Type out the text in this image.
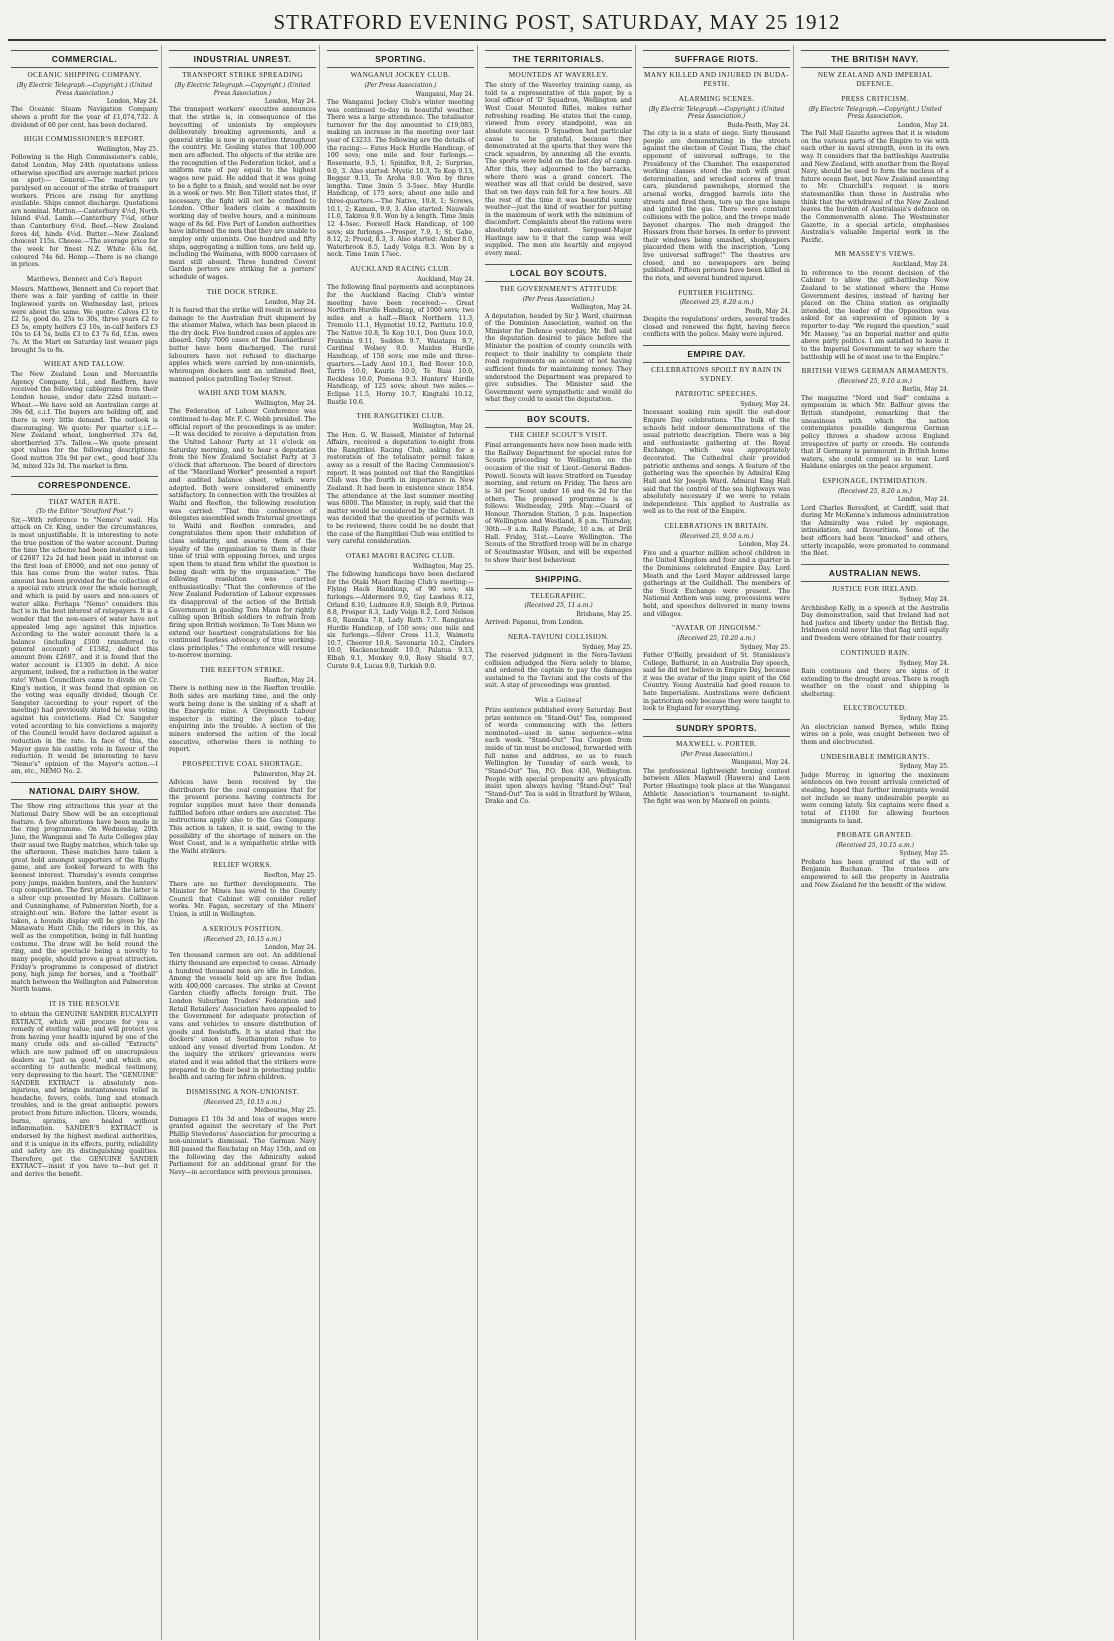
STRATFORD EVENING POST, SATURDAY, MAY 25 1912
COMMERCIAL.
OCEANIC SHIPPING COMPANY.
(By Electric Telegraph.—Copyright.) (United Press Association.)
London, May 24.

The Oceanic Steam Navigation Company shows a profit for the year of £1,074,732. A dividend of 60 per cent. has been declared.

HIGH COMMISSIONER'S REPORT.
Wellington, May 25.

Following is the High Commissioner's cable, dated London, May 24th (quotations unless otherwise specified are average market prices on spot):— General.—The markets are paralysed on account of the strike of transport workers. Prices are rising for anything available. Ships cannot discharge. Quotations are nominal. Mutton.—Canterbury 4½d, North Island 4¼d. Lamb.—Canterbury 7¼d, other than Canterbury 6½d. Beef.—New Zealand fores 4d, hinds 4½d. Butter.—New Zealand choicest 115s. Cheese.—The average price for the week for finest N.Z. White 63s 6d, coloured 74s 6d. Hemp.—There is no change in prices.

Matthews, Bennett and Co's Report

Messrs. Matthews, Bennett and Co report that there was a fair yarding of cattle in their Inglewood yards on Wednesday last, prices were about the same. We quote: Calves £1 to £2 5s, good do. 25s to 30s, three years £2 to £3 5s, empty heifers £3 10s, in-calf heifers £3 10s to £4 5s, bulls £3 to £3 7s 6d, f.f.m. ewes 7s. At the Mart on Saturday last weaner pigs brought 5s to 8s.

WHEAT AND TALLOW.

The New Zealand Loan and Mercantile Agency Company, Ltd., and Redfern, have received the following cablegrams from their London house, under date 22nd instant:— Wheat.—We have sold an Australian cargo at 39s 6d, c.i.f. The buyers are holding off, and there is very little demand. The outlook is discouraging. We quote: Per quarter c.i.f.—New Zealand wheat, longberried 37s 6d, shortberried 37s. Tallow.—We quote present spot values for the following descriptions: Good mutton 35s 9d per cwt., good beef 33s 3d, mixed 32s 3d. The market is firm.

CORRESPONDENCE.
THAT WATER RATE.
(To the Editor "Stratford Post.")

Sir,—With reference to "Nemo's" wail. His attack on Cr. King, under the circumstances, is most unjustifiable. It is interesting to note the true position of the water account. During the time the scheme had been installed a sum of £2687 12s 2d had been paid in interest on the first loan of £8000, and not one penny of this has come from the water rates. This amount has been provided for the collection of a special rate struck over the whole borough, and which is paid by users and non-users of water alike. Perhaps "Nemo" considers this fact is in the best interest of ratepayers. It is a wonder that the non-users of water have not appealed long ago against this injustice. According to the water account there is a balance (including £500 transferred to general account) of £1382, deduct this amount from £2687, and it is found that the water account is £1305 in debit. A nice argument, indeed, for a reduction in the water rate! When Councillors came to divide on Cr. King's motion, it was found that opinion on the voting was equally divided, though Cr. Sangster (according to your report of the meeting) had previously stated he was voting against his convictions. Had Cr. Sangster voted according to his convictions a majority of the Council would have declared against a reduction in the rate. In face of this, the Mayor gave his casting vote in favour of the reduction. It would be interesting to have "Nemo's" opinion of the Mayor's action.—I am, etc., NEMO No. 2.

NATIONAL DAIRY SHOW.

The Show ring attractions this year at the National Dairy Show will be an exceptional feature. A few alterations have been made in the ring programme. On Wednesday, 20th June, the Wanganui and Te Aute Colleges play their usual two Rugby matches, which take up the afternoon. These matches have taken a great hold amongst supporters of the Rugby game, and are looked forward to with the keenest interest. Thursday's events comprise pony jumps, maiden hunters, and the hunters' cup competition. The first prize in the latter is a silver cup presented by Messrs. Collinson and Cunninghame, of Palmerston North, for a straight-out win. Before the latter event is taken, a hounds display will be given by the Manawatu Hunt Club, the riders in this, as well as the competition, being in full hunting costume. The draw will be held round the ring, and the spectacle being a novelty to many people, should prove a great attraction. Friday's programme is composed of district pony, high jump for horses, and a "football" match between the Wellington and Palmerston North teams.

IT IS THE RESOLVE

to obtain the GENUINE SANDER EUCALYPTI EXTRACT, which will procure for you a remedy of sterling value, and will protect you from having your health injured by one of the many crude oils and so-called "Extracts" which are now palmed off on unscrupulous dealers as "just as good," and which are, according to authentic medical testimony, very depressing to the heart. The "GENUINE" SANDER EXTRACT is absolutely non-injurious, and brings instantaneous relief in headache, fevers, colds, lung and stomach troubles, and is the great antiseptic powers protect from future infection. Ulcers, wounds, burns, sprains, are healed without inflammation. SANDER'S EXTRACT is endorsed by the highest medical authorities, and it is unique in its effects, purity, reliability and safety are its distinguishing qualities. Therefore, get the GENUINE SANDER EXTRACT—insist if you have to—but get it and derive the benefit.

INDUSTRIAL UNREST.
TRANSPORT STRIKE SPREADING
(By Electric Telegraph.—Copyright.) (United Press Association.)
London, May 24.

The transport workers' executive announces that the strike is, in consequence of the boycotting of unionists by employers deliberately breaking agreements, and a general strike is now in operation throughout the country. Mr. Gosling states that 100,000 men are affected. The objects of the strike are the recognition of the Federation ticket, and a uniform rate of pay equal to the highest wages now paid. He added that it was going to be a fight to a finish, and would not be over in a week or two. Mr. Ben Tillett states that, if necessary, the fight will not be confined to London. Other leaders claim a maximum working day of twelve hours, and a minimum wage of 8s 6d. Five Port of London authorities have informed the men that they are unable to employ only unionists. One hundred and fifty ships, aggregating a million tons, are held up, including the Waimana, with 8000 carcases of meat still aboard. Three hundred Covent Garden porters are striking for a porters' schedule of wages.

THE DOCK STRIKE.
London, May 24.

It is feared that the strike will result in serious damage to the Australian fruit shipment by the steamer Malwa, which has been placed in the dry dock. Five hundred cases of apples are aboard. Only 7000 cases of the Daenaetheus' butter have been discharged. The rural labourers have not refused to discharge apples which were carried by non-unionists, whereupon dockers sent an unlimited fleet, manned police patrolling Tooley Street.

WAIHI AND TOM MANN.
Wellington, May 24.

The Federation of Labour Conference was continued to-day. Mr. F. C. Webb presided. The official report of the proceedings is as under:—It was decided to receive a deputation from the United Labour Party at 11 o'clock on Saturday morning, and to hear a deputation from the New Zealand Socialist Party at 3 o'clock that afternoon. The board of directors of the "Maoriland Worker" presented a report and audited balance sheet, which were adopted. Both were considered eminently satisfactory. In connection with the troubles at Waihi and Reefton, the following resolution was carried: "That this conference of delegates assembled sends fraternal greetings to Waihi and Reefton comrades, and congratulates them upon their exhibition of class solidarity, and assures them of the loyalty of the organisation to them in their time of trial with opposing forces, and urges upon them to stand firm whilst the question is being dealt with by the organisation." The following resolution was carried enthusiastically: "That the conference of the New Zealand Federation of Labour expresses its disapproval of the action of the British Government in gaoling Tom Mann for rightly calling upon British soldiers to refrain from firing upon British workmen. To Tom Mann we extend our heartiest congratulations for his continued fearless advocacy of true working-class principles." The conference will resume to-morrow morning.

THE REEFTON STRIKE.
Reefton, May 24.

There is nothing new in the Reefton trouble. Both sides are marking time, and the only work being done is the sinking of a shaft at the Energetic mine. A Greymouth Labour inspector is visiting the place to-day, enquiring into the trouble. A section of the miners endorsed the action of the local executive, otherwise there is nothing to report.

PROSPECTIVE COAL SHORTAGE.
Palmerston, May 24.

Advices have been received by the distributors for the coal companies that for the present persons having contracts for regular supplies must have their demands fulfilled before other orders are executed. The instructions apply also to the Gas Company. This action is taken, it is said, owing to the possibility of the shortage of miners on the West Coast, and is a sympathetic strike with the Waihi strikers.

RELIEF WORKS.
Reefton, May 25.

There are no further developments. The Minister for Mines has wired to the County Council that Cabinet will consider relief works. Mr. Fagan, secretary of the Miners' Union, is still in Wellington.

A SERIOUS POSITION.
(Received 25, 10.15 a.m.)
London, May 24.

Ten thousand carmen are out. An additional thirty thousand are expected to cease. Already a hundred thousand men are idle in London. Among the vessels held up are five Indian with 400,000 carcases. The strike at Covent Garden chiefly affects foreign fruit. The London Suburban Traders' Federation and Retail Retailers' Association have appealed to the Government for adequate protection of vans and vehicles to ensure distribution of goods and foodstuffs. It is stated that the dockers' union at Southampton refuse to unload any vessel diverted from London. At the inquiry the strikers' grievances were stated and it was added that the strikers were prepared to do their best in protecting public health and caring for infirm children.

DISMISSING A NON-UNIONIST.
(Received 25, 10.15 a.m.)
Melbourne, May 25.

Damages £1 10s 3d and loss of wages were granted against the secretary of the Port Phillip Stevedores' Association for procuring a non-unionist's dismissal. The German Navy Bill passed the Reichstag on May 15th, and on the following day the Admiralty asked Parliament for an additional grant for the Navy—in accordance with previous promises.

SPORTING.
WANGANUI JOCKEY CLUB.
(Per Press Association.)
Wanganui, May 24.

The Wanganui Jockey Club's winter meeting was continued to-day in beautiful weather. There was a large attendance. The totalisator turnover for the day amounted to £19,083, making an increase in the meeting over last year of £3233. The following are the details of the racing:— Fates Hack Hurdle Handicap, of 100 sovs; one mile and four furlongs.—Rosemarie, 9.5, 1; Spinifex, 9.8, 2; Surprise, 9.0, 3. Also started: Mystic 10.3, Te Kop 9.13, Beggar 9.13, Te Aroha 9.0. Won by three lengths. Time 3min 5 3-5sec. May Hurdle Handicap, of 175 sovs; about one mile and three-quarters.—The Native, 10.8, 1; Screws, 10.1, 2; Kaman, 9.9, 3. Also started: Nauwalu 11.0, Takiroa 9.0. Won by a length. Time 3min 12 4-5sec. Foxwell Hack Handicap, of 100 sovs; six furlongs.—Prosper, 7.9, 1; St. Gabe, 8.12, 2; Proud, 8.3, 3. Also started: Amber 8.0, Waterbrook 8.5, Lady Volga 8.3. Won by a neck. Time 1min 17sec.

AUCKLAND RACING CLUB.
Auckland, May 24.

The following final payments and acceptances for the Auckland Racing Club's winter meeting have been received:— Great Northern Hurdle Handicap, of 1000 sovs; two miles and a half.—Black Northern 11.3, Tremolo 11.1, Hypnotist 10.12, Paritutu 10.9, The Native 10.8, Te Kop 10.1, Don Quex 10.0, Fraxinia 9.11, Seddon 9.7, Waiatapu 9.7, Cardinal Wolsey 9.0. Maiden Hurdle Handicap, of 150 sovs; one mile and three-quarters.—Lady Aeol 10.1, Red Rover 10.0, Tarris 10.0, Kauris 10.0, Te Ruia 10.0, Reckless 10.0, Pomona 9.3. Hunters' Hurdle Handicap, of 125 sovs; about two miles.—Eclipse 11.5, Horny 10.7, Kingtahi 10.12, Rustle 10.6.

THE RANGITIKEI CLUB.
Wellington, May 24.

The Hon. G. W. Russell, Minister of Internal Affairs, received a deputation to-night from the Rangitikei Racing Club, asking for a restoration of the totalisator permit taken away as a result of the Racing Commission's report. It was pointed out that the Rangitikei Club was the fourth in importance in New Zealand. It had been in existence since 1854. The attendance at the last summer meeting was 6000. The Minister, in reply, said that the matter would be considered by the Cabinet. It was decided that the question of permits was to be reviewed, there could be no doubt that the case of the Rangitikei Club was entitled to very careful consideration.

OTAKI MAORI RACING CLUB.
Wellington, May 25.

The following handicaps have been declared for the Otaki Maori Racing Club's meeting:— Flying Hack Handicap, of 90 sovs; six furlongs.—Aldermere 9.0, Gay Lawless 8.12, Orland 8.10, Ludmore 8.9, Sleigh 8.9, Pirinoa 8.8, Prosper 8.3, Lady Volga 8.2, Lord Nelson 8.0, Rannika 7.8, Lady Ruth 7.7. Rangiatea Hurdle Handicap, of 150 sovs; one mile and six furlongs.—Silver Cross 11.3, Waimotu 10.7, Cheerer 10.6, Savonaria 10.2, Cinders 10.0, Hackenschmidt 10.0, Palatua 9.13, Elbah 9.1, Monkey 9.0, Rosy Shield 9.7, Curate 9.4, Lucas 9.0, Turkish 9.0.

THE TERRITORIALS.
MOUNTEDS AT WAVERLEY.

The story of the Waverley training camp, as told to a representative of this paper, by a local officer of 'D' Squadron, Wellington and West Coast Mounted Rifles, makes rather refreshing reading. He states that the camp, viewed from every standpoint, was an absolute success. D Squadron had particular cause to be grateful, because they demonstrated at the sports that they were the crack squadron, by annexing all the events. The sports were held on the last day of camp. After this, they adjourned to the barracks, where there was a grand concert. The weather was all that could be desired, save that on two days rain fell for a few hours. All the rest of the time it was beautiful sunny weather—just the kind of weather for putting in the maximum of work with the minimum of discomfort. Complaints about the rations were absolutely non-existent. Sergeant-Major Hastings saw to it that the camp was well supplied. The men ate heartily and enjoyed every meal.

LOCAL BOY SCOUTS.
THE GOVERNMENT'S ATTITUDE
(Per Press Association.)
Wellington, May 24.

A deputation, headed by Sir J. Ward, chairman of the Dominion Association, waited on the Minister for Defence yesterday. Mr. Bell said the deputation desired to place before the Minister the position of county councils with respect to their inability to complete their road requirements on account of not having sufficient funds for maintaining money. They understood the Department was prepared to give subsidies. The Minister said the Government were sympathetic and would do what they could to assist the deputation.

BOY SCOUTS.
THE CHIEF SCOUT'S VISIT.

Final arrangements have now been made with the Railway Department for special rates for Scouts proceeding to Wellington on the occasion of the visit of Lieut.-General Baden-Powell. Scouts will leave Stratford on Tuesday morning, and return on Friday. The fares are is 3d per Scout under 16 and 6s 2d for the others. The proposed programme is as follows: Wednesday, 29th May.—Guard of Honour, Thorndon Station, 5 p.m. Inspection of Wellington and Westland, 8 p.m. Thursday, 30th.—9 a.m. Rally. Parade, 10 a.m. at Drill Hall. Friday, 31st.—Leave Wellington. The Scouts of the Stratford troop will be in charge of Scoutmaster Wilson, and will be expected to show their best behaviour.

SHIPPING.
TELEGRAPHIC.
(Received 25, 11 a.m.)
Brisbane, May 25.

Arrived: Papanui, from London.

NERA-TAVIUNI COLLISION.
Sydney, May 25.

The reserved judgment in the Nera-Taviuni collision adjudged the Nera solely to blame, and ordered the captain to pay the damages sustained to the Taviuni and the costs of the suit. A stay of proceedings was granted.

Win a Guinea!

Prize sentence published every Saturday. Best prize sentence on "Stand-Out" Tea, composed of words commencing with the letters nominated—used in same sequence—wins each week. "Stand-Out" Tea Coupon from inside of tin must be enclosed, forwarded with full name and address, so as to reach Wellington by Tuesday of each week, to "Stand-Out" Tea, P.O. Box 436, Wellington. People with special propensity are physically insist upon always having "Stand-Out" Tea! "Stand-Out" Tea is sold in Stratford by Wilson, Drake and Co.

SUFFRAGE RIOTS.
MANY KILLED AND INJURED IN BUDA-PESTH.
ALARMING SCENES.
(By Electric Telegraph.—Copyright.) (United Press Association.)
Buda-Pesth, May 24.

The city is in a state of siege. Sixty thousand people are demonstrating in the streets against the election of Count Tisza, the chief opponent of universal suffrage, to the Presidency of the Chamber. The exasperated working classes stood the mob with great determination, and wrecked scores of tram cars, plundered pawnshops, stormed the arsenal works, dragged barrels into the streets and fired them, tore up the gas lamps and ignited the gas. There were constant collisions with the police, and the troops made bayonet charges. The mob dragged the Hussars from their horses. In order to prevent their windows being smashed, shopkeepers placarded them with the inscription, "Long live universal suffrage!" The theatres are closed, and no newspapers are being published. Fifteen persons have been killed in the riots, and several hundred injured.

FURTHER FIGHTING.
(Received 25, 8.20 a.m.)
Pesth, May 24.

Despite the regulations' orders, several trades closed and renewed the fight, having fierce conflicts with the police. Many were injured.

EMPIRE DAY.
CELEBRATIONS SPOILT BY RAIN IN SYDNEY.
PATRIOTIC SPEECHES.
Sydney, May 24.

Incessant soaking rain spoilt the out-door Empire Day celebrations. The bulk of the schools held indoor demonstrations of the usual patriotic description. There was a big and enthusiastic gathering at the Royal Exchange, which was appropriately decorated. The Cathedral choir provided patriotic anthems and songs. A feature of the gathering was the speeches by Admiral King Hall and Sir Joseph Ward. Admiral King Hall said that the control of the sea highways was absolutely necessary if we were to retain independence. This applied to Australia as well as to the rest of the Empire.

CELEBRATIONS IN BRITAIN.
(Received 25, 9.50 a.m.)
London, May 24.

Five and a quarter million school children in the United Kingdom and four and a quarter in the Dominions celebrated Empire Day. Lord Meath and the Lord Mayor addressed large gatherings at the Guildhall. The members of the Stock Exchange were present. The National Anthem was sung, processions were held, and speeches delivered in many towns and villages.

"AVATAR OF JINGOISM."
(Received 25, 10.20 a.m.)
Sydney, May 25.

Father O'Reilly, president of St. Stanislaus's College, Bathurst, in an Australia Day speech, said he did not believe in Empire Day, because it was the avatar of the jingo spirit of the Old Country. Young Australia had good reason to hate Imperialism. Australians were deficient in patriotism only because they were taught to look to England for everything.

SUNDRY SPORTS.
MAXWELL v. PORTER.
(Per Press Association.)
Wanganui, May 24.

The professional lightweight boxing contest between Allen Maxwell (Hawera) and Leon Porter (Hastings) took place at the Wanganui Athletic Association's tournament to-night. The fight was won by Maxwell on points.

THE BRITISH NAVY.
NEW ZEALAND AND IMPERIAL DEFENCE.
PRESS CRITICISM.
(By Electric Telegraph.—Copyright.) United Press Association.
London, May 24.

The Pall Mall Gazette agrees that it is wisdom on the various parts of the Empire to vie with each other in naval strength, even in its own way. It considers that the battleships Australia and New Zealand, with another from the Royal Navy, should be used to form the nucleus of a future ocean fleet, but New Zealand assenting to Mr. Churchill's request is more statesmanlike than those in Australia who think that the withdrawal of the New Zealand leaves the burden of Australasia's defence on the Commonwealth alone. The Westminster Gazette, in a special article, emphasises Australia's valuable Imperial work in the Pacific.

MR MASSEY'S VIEWS.
Auckland, May 24.

In reference to the recent decision of the Cabinet to allow the gift-battleship New Zealand to be stationed where the Home Government desires, instead of having her placed on the China station as originally intended, the leader of the Opposition was asked for an expression of opinion by a reporter to-day. "We regard the question," said Mr. Massey, "as an Imperial matter and quite above party politics. I am satisfied to leave it to the Imperial Government to say where the battleship will be of most use to the Empire."

BRITISH VIEWS GERMAN ARMAMENTS.
(Received 25, 9.10 a.m.)
Berlin, May 24.

The magazine "Nord und Sud" contains a symposium in which Mr. Balfour gives the British standpoint, remarking that the uneasiness with which the nation contemplates possible dangerous German policy throws a shadow across England irrespective of party or creeds. He contends that if Germany is paramount in British home waters, she could compel us to war. Lord Haldane enlarges on the peace argument.

ESPIONAGE, INTIMIDATION.
(Received 25, 8.20 a.m.)
London, May 24.

Lord Charles Beresford, at Cardiff, said that during Mr McKenna's infamous administration the Admiralty was ruled by espionage, intimidation, and favouritism. Some of the best officers had been "knocked" and others, utterly incapable, were promoted to command the fleet.

AUSTRALIAN NEWS.
JUSTICE FOR IRELAND.
Sydney, May 24.

Archbishop Kelly, in a speech at the Australia Day demonstration, said that Ireland had not had justice and liberty under the British flag. Irishmen could never like that flag until equity and freedom were obtained for their country.

CONTINUED RAIN.
Sydney, May 24.

Rain continues and there are signs of it extending to the drought areas. There is rough weather on the coast and shipping is sheltering.

ELECTROCUTED.
Sydney, May 25.

An electrician named Byrnes, while fixing wires on a pole, was caught between two of them and electrocuted.

UNDESIRABLE IMMIGRANTS.
Sydney, May 25.

Judge Murray, in ignoring the maximum sentences on two recent arrivals convicted of stealing, hoped that further immigrants would not include so many undesirable people as were coming lately. Six captains were fined a total of £1100 for allowing fourteen immigrants to land.

PROBATE GRANTED.
(Received 25, 10.15 a.m.)
Sydney, May 25.

Probate has been granted of the will of Benjamin Buchanan. The trustees are empowered to sell the property in Australia and New Zealand for the benefit of the widow.
